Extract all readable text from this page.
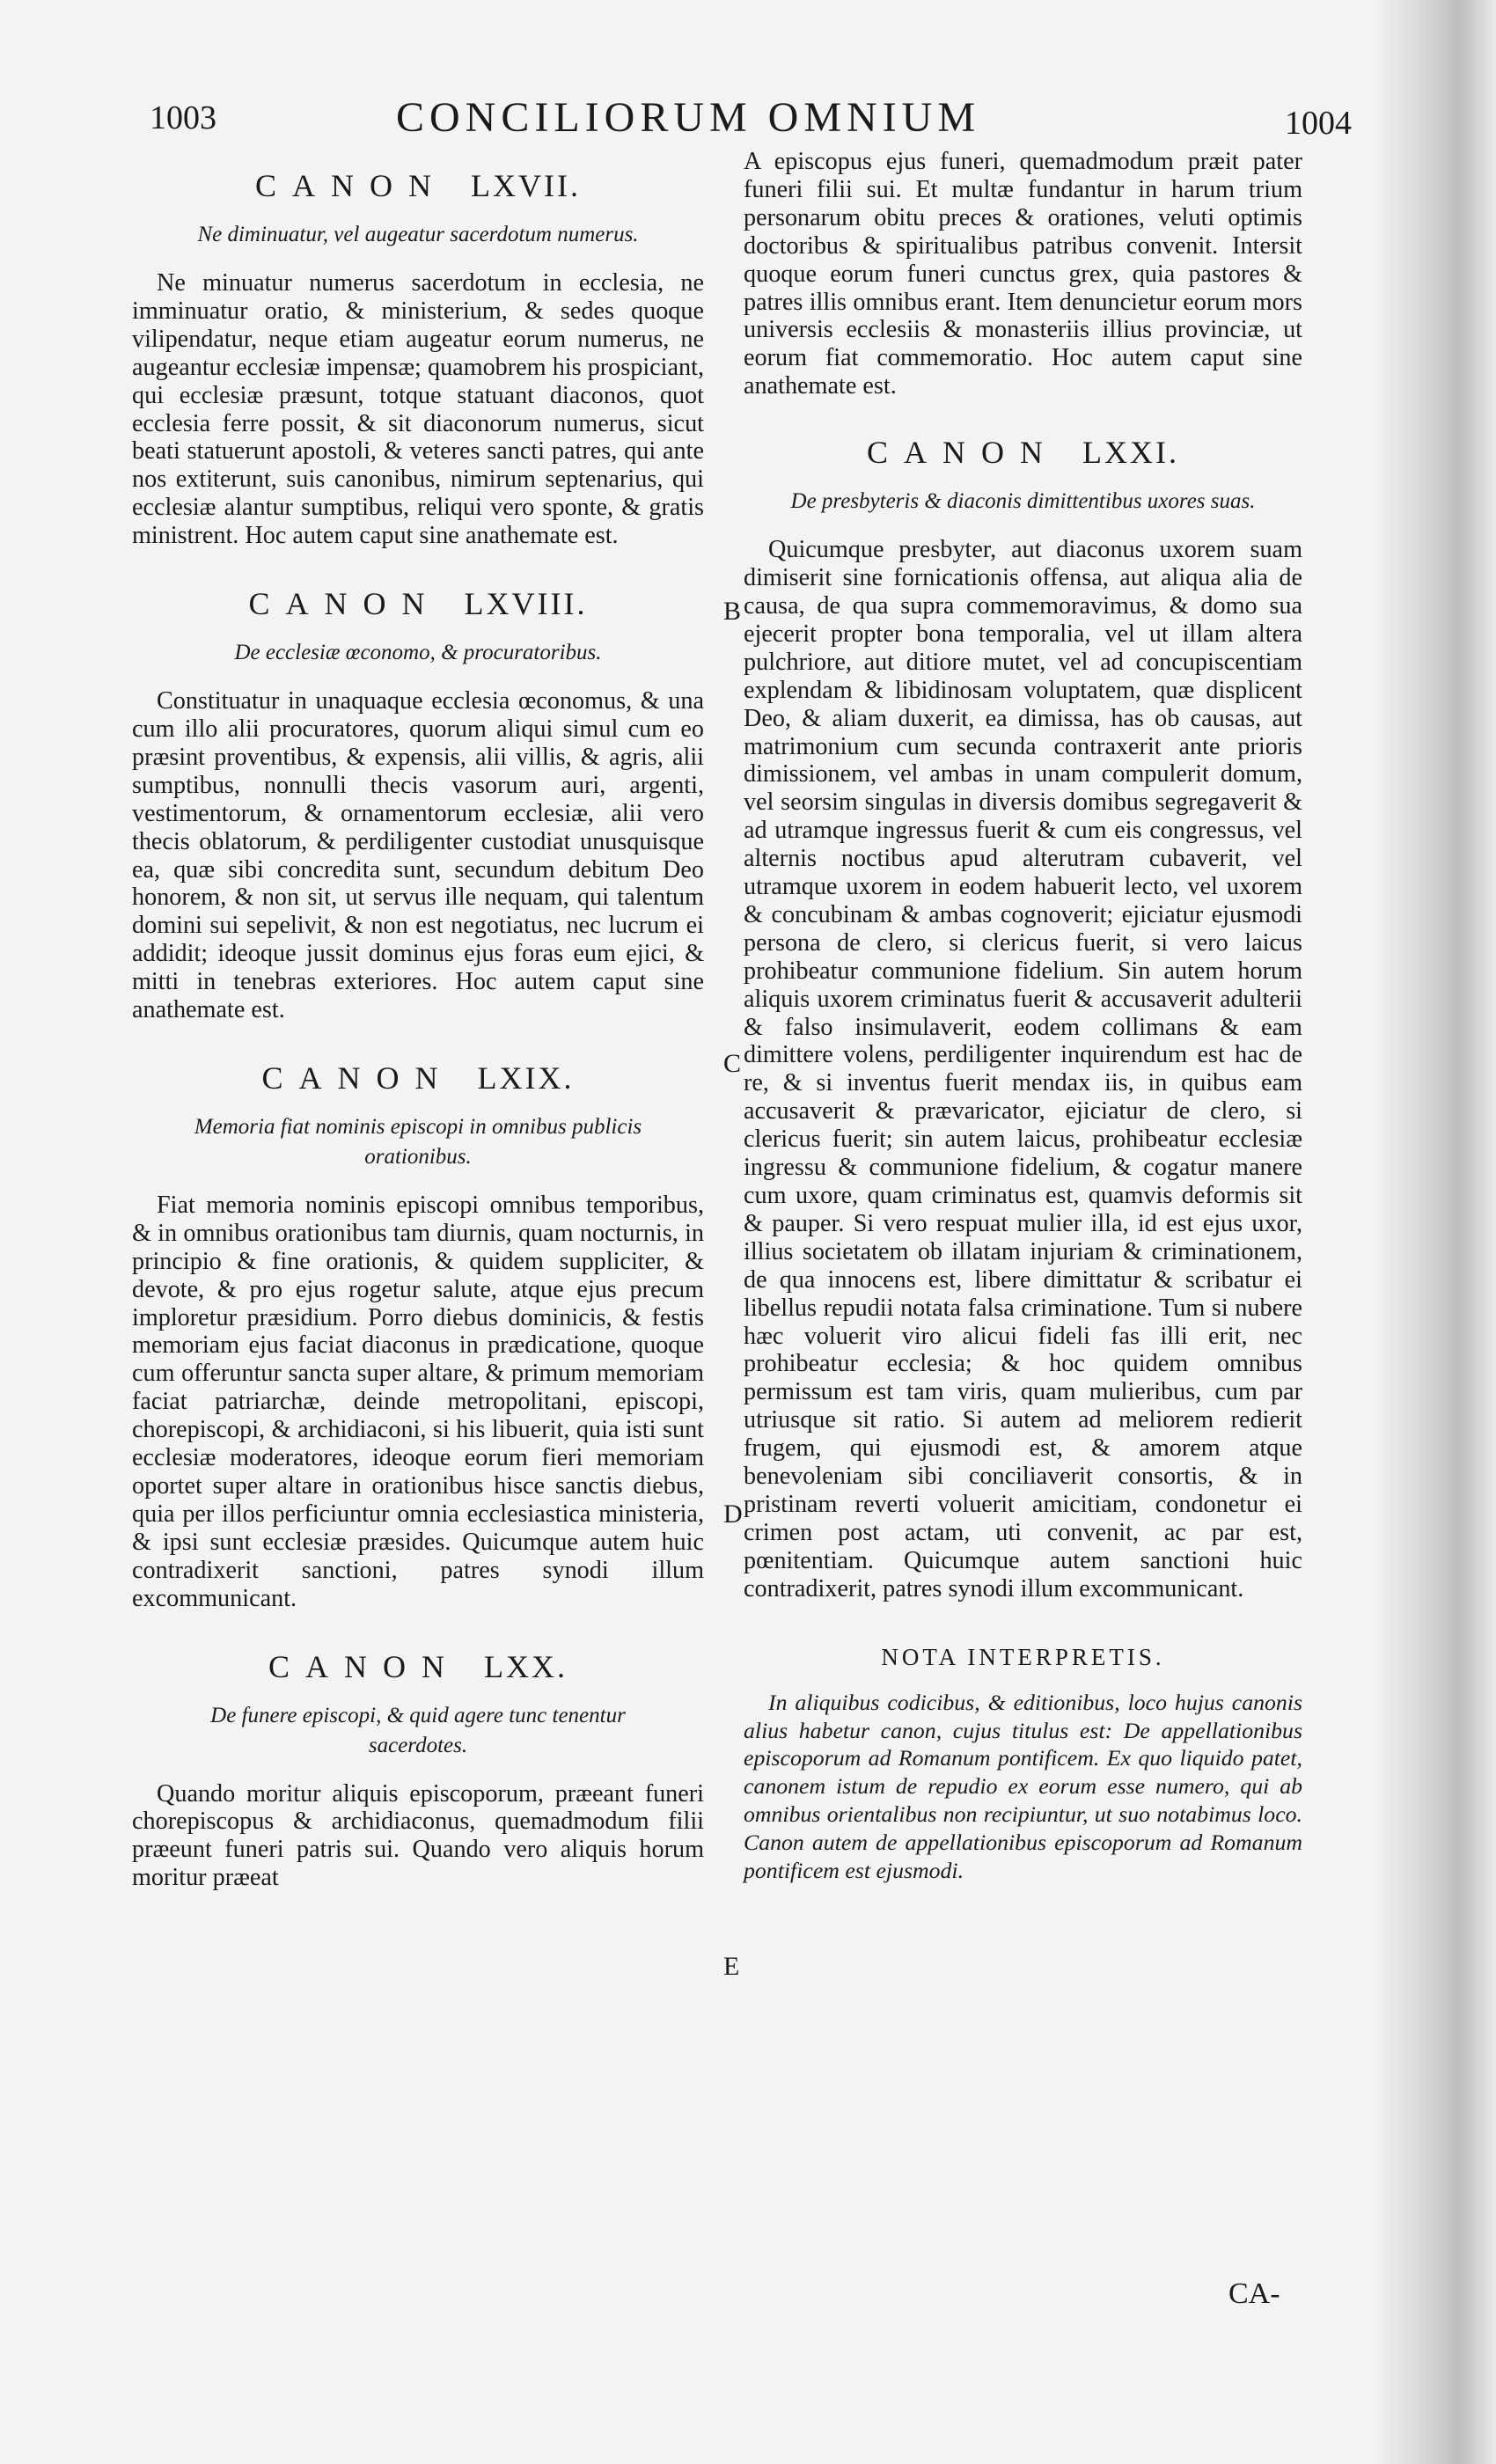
1003	CONCILIORUM OMNIUM	1004
CANON LXVII.

Ne diminuatur, vel augeatur sacerdotum numerus.

Ne minuatur numerus sacerdotum in ecclesia, ne imminuatur oratio, & ministerium, & sedes quoque vilipendatur, neque etiam augeatur eorum numerus, ne augeantur ecclesiæ impensæ; quamobrem his prospiciant, qui ecclesiæ præsunt, totque statuant diaconos, quot ecclesia ferre possit, & sit diaconorum numerus, sicut beati statuerunt apostoli, & veteres sancti patres, qui ante nos extiterunt, suis canonibus, nimirum septenarius, qui ecclesiæ alantur sumptibus, reliqui vero sponte, & gratis ministrent. Hoc autem caput sine anathemate est.

CANON LXVIII.

De ecclesiæ œconomo, & procuratoribus.

Constituatur in unaquaque ecclesia œconomus, & una cum illo alii procuratores, quorum aliqui simul cum eo præsint proventibus, & expensis, alii villis, & agris, alii sumptibus, nonnulli thecis vasorum auri, argenti, vestimentorum, & ornamentorum ecclesiæ, alii vero thecis oblatorum, & perdiligenter custodiat unusquisque ea, quæ sibi concredita sunt, secundum debitum Deo honorem, & non sit, ut servus ille nequam, qui talentum domini sui sepelivit, & non est negotiatus, nec lucrum ei addidit; ideoque jussit dominus ejus foras eum ejici, & mitti in tenebras exteriores. Hoc autem caput sine anathemate est.

CANON LXIX.

Memoria fiat nominis episcopi in omnibus publicis orationibus.

Fiat memoria nominis episcopi omnibus temporibus, & in omnibus orationibus tam diurnis, quam nocturnis, in principio & fine orationis, & quidem suppliciter, & devote, & pro ejus rogetur salute, atque ejus precum imploretur præsidium. Porro diebus dominicis, & festis memoriam ejus faciat diaconus in prædicatione, quoque cum offeruntur sancta super altare, & primum memoriam faciat patriarchæ, deinde metropolitani, episcopi, chorepiscopi, & archidiaconi, si his libuerit, quia isti sunt ecclesiæ moderatores, ideoque eorum fieri memoriam oportet super altare in orationibus hisce sanctis diebus, quia per illos perficiuntur omnia ecclesiastica ministeria, & ipsi sunt ecclesiæ præsides. Quicumque autem huic contradixerit sanctioni, patres synodi illum excommunicant.

CANON LXX.

De funere episcopi, & quid agere tunc tenentur sacerdotes.

Quando moritur aliquis episcoporum, præeant funeri chorepiscopus & archidiaconus, quemadmodum filii præeunt funeri patris sui. Quando vero aliquis horum moritur præeat

A episcopus ejus funeri, quemadmodum præit pater funeri filii sui. Et multæ fundantur in harum trium personarum obitu preces & orationes, veluti optimis doctoribus & spiritualibus patribus convenit. Intersit quoque eorum funeri cunctus grex, quia pastores & patres illis omnibus erant. Item denuncietur eorum mors universis ecclesiis & monasteriis illius provinciæ, ut eorum fiat commemoratio. Hoc autem caput sine anathemate est.

CANON LXXI.

De presbyteris & diaconis dimittentibus uxores suas.

Quicumque presbyter, aut diaconus uxorem suam dimiserit sine fornicationis offensa, aut aliqua alia de causa, de qua supra commemoravimus, & domo sua ejecerit propter bona temporalia, vel ut illam altera pulchriore, aut ditiore mutet, vel ad concupiscentiam explendam & libidinosam voluptatem, quæ displicent Deo, & aliam duxerit, ea dimissa, has ob causas, aut matrimonium cum secunda contraxerit ante prioris dimissionem, vel ambas in unam compulerit domum, vel seorsim singulas in diversis domibus segregaverit & ad utramque ingressus fuerit & cum eis congressus, vel alternis noctibus apud alterutram cubaverit, vel utramque uxorem in eodem habuerit lecto, vel uxorem & concubinam & ambas cognoverit; ejiciatur ejusmodi persona de clero, si clericus fuerit, si vero laicus prohibeatur communione fidelium. Sin autem horum aliquis uxorem criminatus fuerit & accusaverit adulterii & falso insimulaverit, eodem collimans & eam dimittere volens, perdiligenter inquirendum est hac de re, & si inventus fuerit mendax iis, in quibus eam accusaverit & prævaricator, ejiciatur de clero, si clericus fuerit; sin autem laicus, prohibeatur ecclesiæ ingressu & communione fidelium, & cogatur manere cum uxore, quam criminatus est, quamvis deformis sit & pauper. Si vero respuat mulier illa, id est ejus uxor, illius societatem ob illatam injuriam & criminationem, de qua innocens est, libere dimittatur & scribatur ei libellus repudii notata falsa criminatione. Tum si nubere hæc voluerit viro alicui fideli fas illi erit, nec prohibeatur ecclesia; & hoc quidem omnibus permissum est tam viris, quam mulieribus, cum par utriusque sit ratio. Si autem ad meliorem redierit frugem, qui ejusmodi est, & amorem atque benevoleniam sibi conciliaverit consortis, & in pristinam reverti voluerit amicitiam, condonetur ei crimen post actam, uti convenit, ac par est, pœnitentiam. Quicumque autem sanctioni huic contradixerit, patres synodi illum excommunicant.

NOTA INTERPRETIS.

In aliquibus codicibus, & editionibus, loco hujus canonis alius habetur canon, cujus titulus est: De appellationibus episcoporum ad Romanum pontificem. Ex quo liquido patet, canonem istum de repudio ex eorum esse numero, qui ab omnibus orientalibus non recipiuntur, ut suo notabimus loco. Canon autem de appellationibus episcoporum ad Romanum pontificem est ejusmodi.

CA-
B
C
D
E
